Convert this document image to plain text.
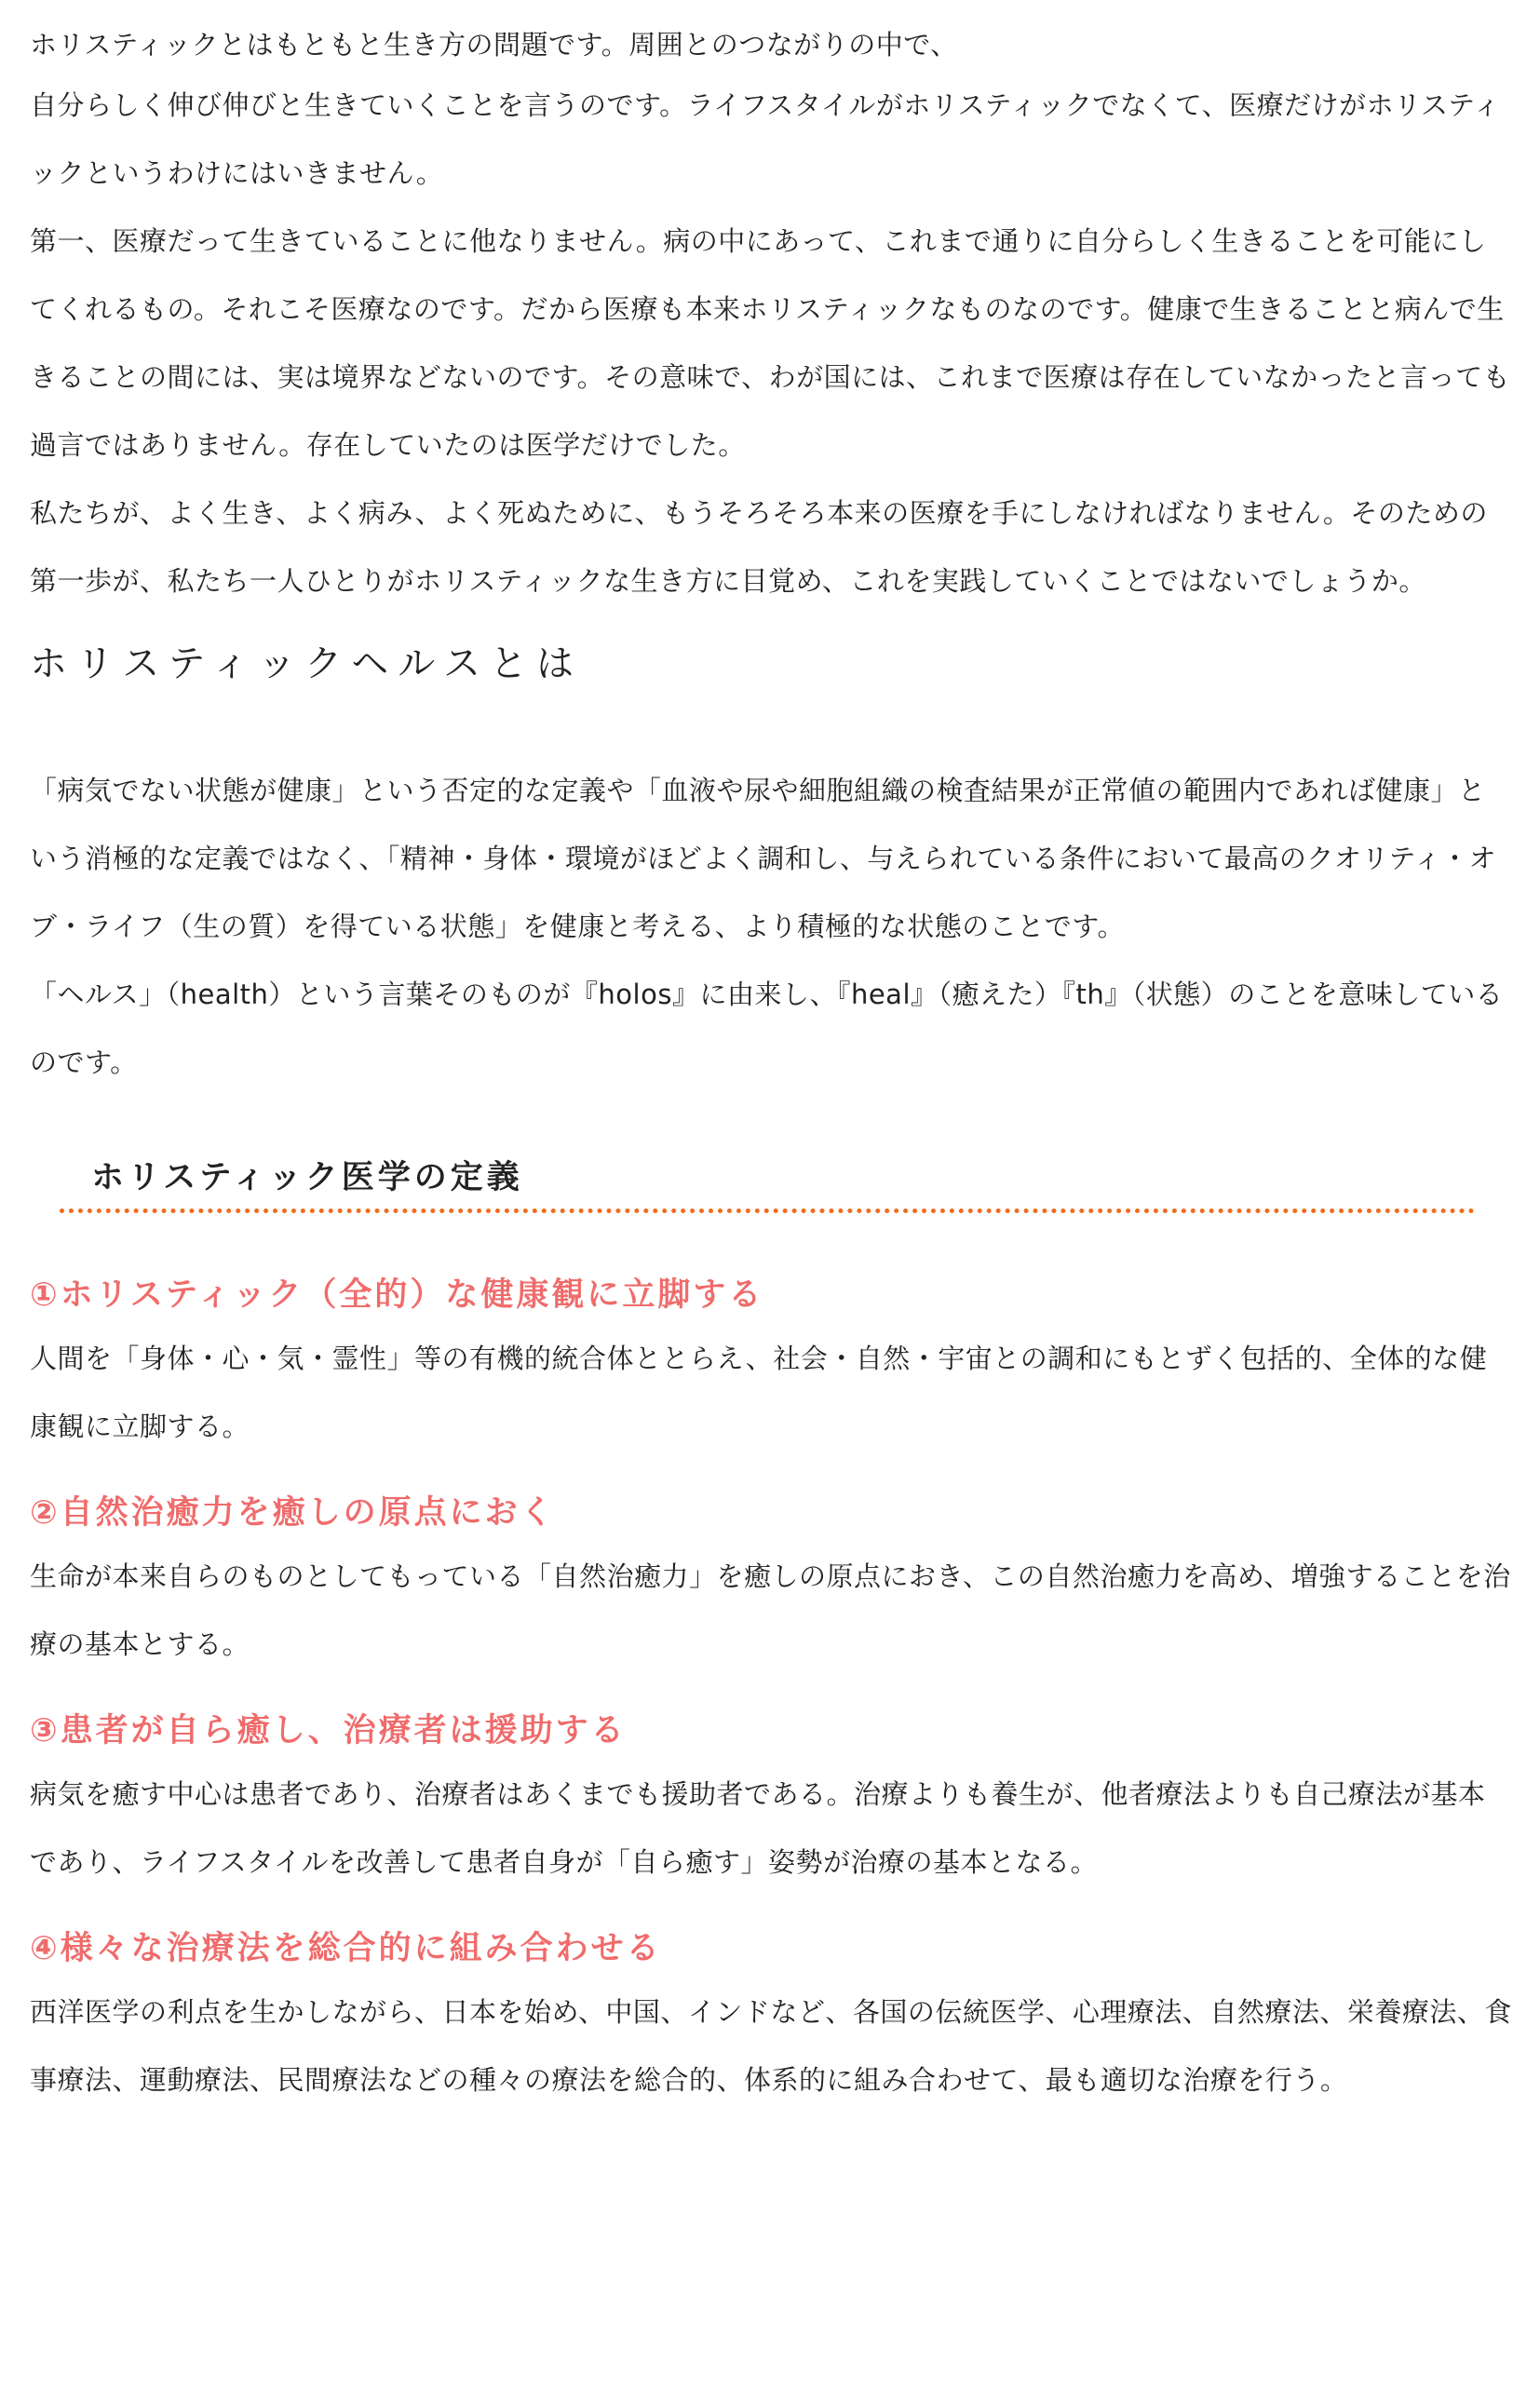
ホリスティックとはもともと生き方の問題です。周囲とのつながりの中で、

自分らしく伸び伸びと生きていくことを言うのです。ライフスタイルがホリスティックでなくて、医療だけがホリスティックというわけにはいきません。

第一、医療だって生きていることに他なりません。病の中にあって、これまで通りに自分らしく生きることを可能にしてくれるもの。それこそ医療なのです。だから医療も本来ホリスティックなものなのです。健康で生きることと病んで生きることの間には、実は境界などないのです。その意味で、わが国には、これまで医療は存在していなかったと言っても過言ではありません。存在していたのは医学だけでした。

私たちが、よく生き、よく病み、よく死ぬために、もうそろそろ本来の医療を手にしなければなりません。そのための第一歩が、私たち一人ひとりがホリスティックな生き方に目覚め、これを実践していくことではないでしょうか。

ホリスティックヘルスとは

「病気でない状態が健康」という否定的な定義や「血液や尿や細胞組織の検査結果が正常値の範囲内であれば健康」という消極的な定義ではなく、「精神・身体・環境がほどよく調和し、与えられている条件において最高のクオリティ・オブ・ライフ（生の質）を得ている状態」を健康と考える、より積極的な状態のことです。

「ヘルス」（health）という言葉そのものが『holos』に由来し、『heal』（癒えた）『th』（状態）のことを意味しているのです。

ホリスティック医学の定義
①ホリスティック（全的）な健康観に立脚する

人間を「身体・心・気・霊性」等の有機的統合体ととらえ、社会・自然・宇宙との調和にもとずく包括的、全体的な健康観に立脚する。

②自然治癒力を癒しの原点におく

生命が本来自らのものとしてもっている「自然治癒力」を癒しの原点におき、この自然治癒力を高め、増強することを治療の基本とする。

③患者が自ら癒し、治療者は援助する

病気を癒す中心は患者であり、治療者はあくまでも援助者である。治療よりも養生が、他者療法よりも自己療法が基本であり、ライフスタイルを改善して患者自身が「自ら癒す」姿勢が治療の基本となる。

④様々な治療法を総合的に組み合わせる

西洋医学の利点を生かしながら、日本を始め、中国、インドなど、各国の伝統医学、心理療法、自然療法、栄養療法、食事療法、運動療法、民間療法などの種々の療法を総合的、体系的に組み合わせて、最も適切な治療を行う。
